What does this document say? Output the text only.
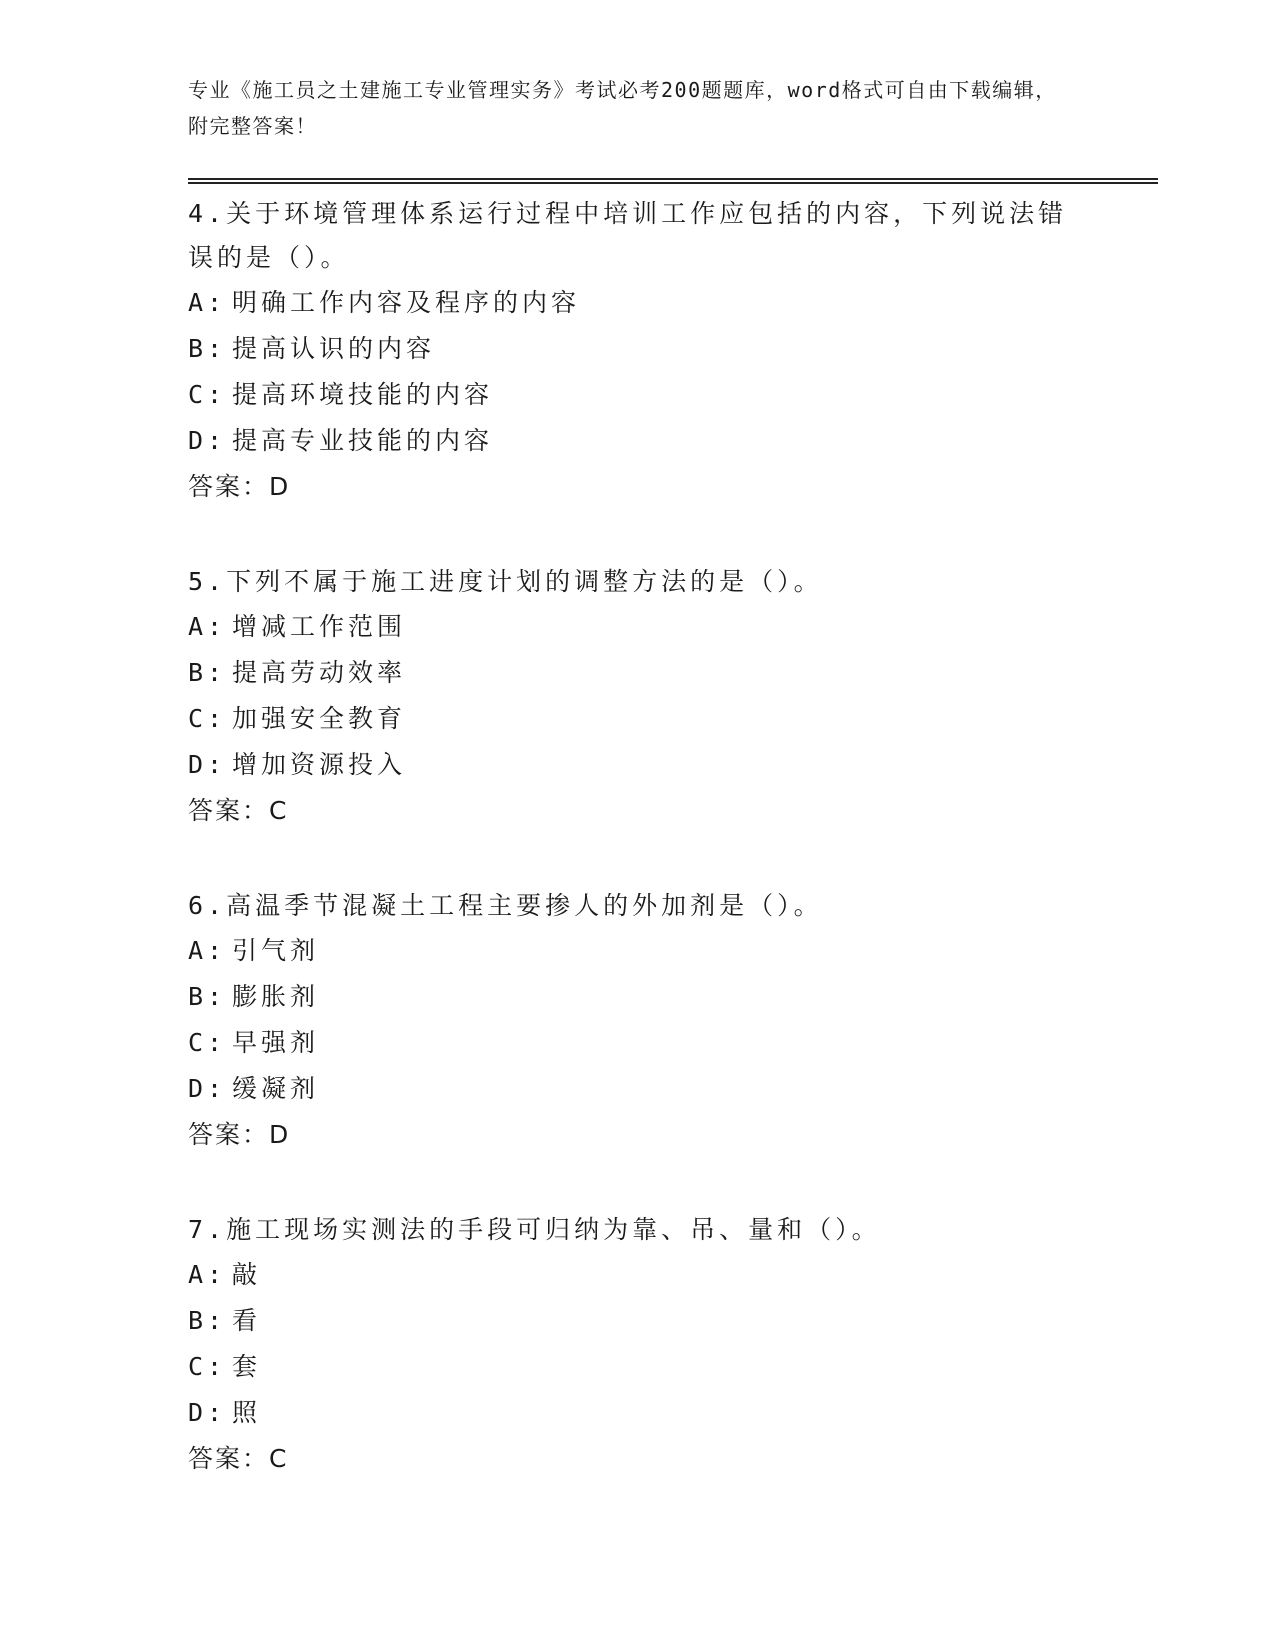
专业《施工员之土建施工专业管理实务》考试必考200题题库，word格式可自由下载编辑，附完整答案！

4.关于环境管理体系运行过程中培训工作应包括的内容，下列说法错误的是（）。

A: 明确工作内容及程序的内容
B: 提高认识的内容
C: 提高环境技能的内容
D: 提高专业技能的内容

答案：D

5.下列不属于施工进度计划的调整方法的是（）。

A: 增减工作范围
B: 提高劳动效率
C: 加强安全教育
D: 增加资源投入

答案：C

6.高温季节混凝土工程主要掺人的外加剂是（）。

A: 引气剂
B: 膨胀剂
C: 早强剂
D: 缓凝剂

答案：D

7.施工现场实测法的手段可归纳为靠、吊、量和（）。

A: 敲
B: 看
C: 套
D: 照

答案：C
